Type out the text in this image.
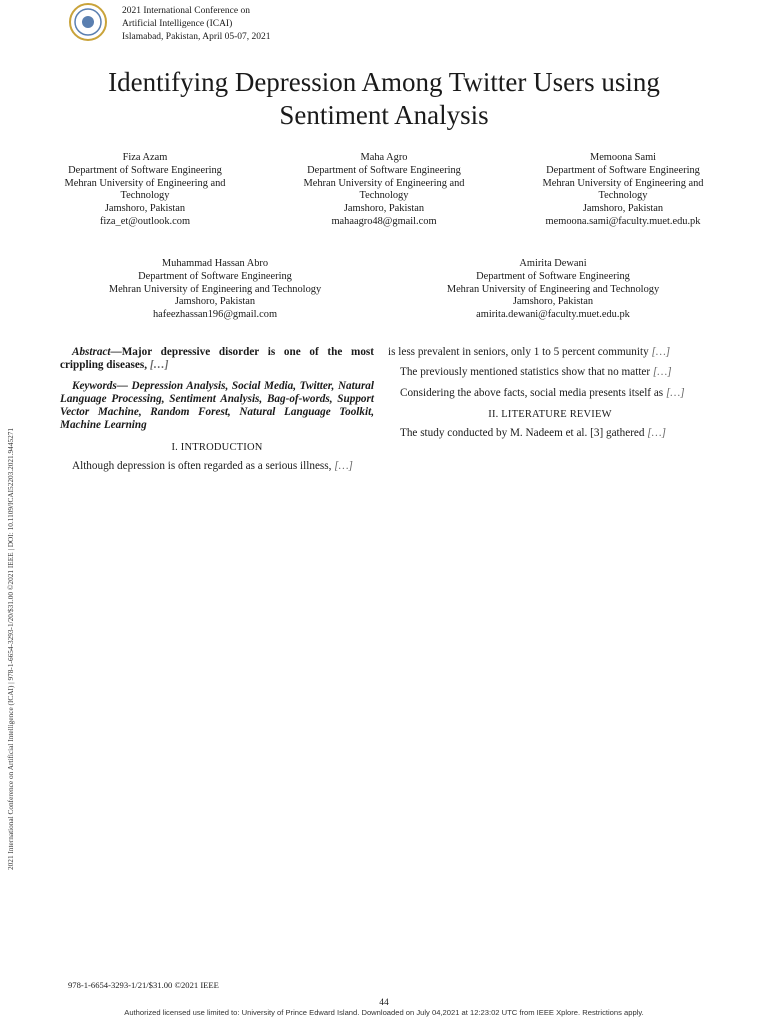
2021 International Conference on
Artificial Intelligence (ICAI)
Islamabad, Pakistan, April 05-07, 2021
2021 International Conference on Artificial Intelligence (ICAI) | 978-1-6654-3293-1/20/$31.00 ©2021 IEEE | DOI: 10.1109/ICAI52203.2021.9445271
Identifying Depression Among Twitter Users using
Sentiment Analysis
Fiza Azam
Department of Software Engineering
Mehran University of Engineering and
Technology
Jamshoro, Pakistan
fiza_et@outlook.com
Maha Agro
Department of Software Engineering
Mehran University of Engineering and
Technology
Jamshoro, Pakistan
mahaagro48@gmail.com
Memoona Sami
Department of Software Engineering
Mehran University of Engineering and
Technology
Jamshoro, Pakistan
memoona.sami@faculty.muet.edu.pk
Muhammad Hassan Abro
Department of Software Engineering
Mehran University of Engineering and Technology
Jamshoro, Pakistan
hafeezhassan196@gmail.com
Amirita Dewani
Department of Software Engineering
Mehran University of Engineering and Technology
Jamshoro, Pakistan
amirita.dewani@faculty.muet.edu.pk

Abstract—Major depressive disorder is one of the most crippling diseases, […]

Keywords— Depression Analysis, Social Media, Twitter, Natural Language Processing, Sentiment Analysis, Bag-of-words, Support Vector Machine, Random Forest, Natural Language Toolkit, Machine Learning

I. INTRODUCTION

Although depression is often regarded as a serious illness, […]

is less prevalent in seniors, only 1 to 5 percent community […]

The previously mentioned statistics show that no matter […]

Considering the above facts, social media presents itself as […]

II. LITERATURE REVIEW

The study conducted by M. Nadeem et al. [3] gathered […]

978-1-6654-3293-1/21/$31.00 ©2021 IEEE
44
Authorized licensed use limited to: University of Prince Edward Island. Downloaded on July 04,2021 at 12:23:02 UTC from IEEE Xplore. Restrictions apply.
